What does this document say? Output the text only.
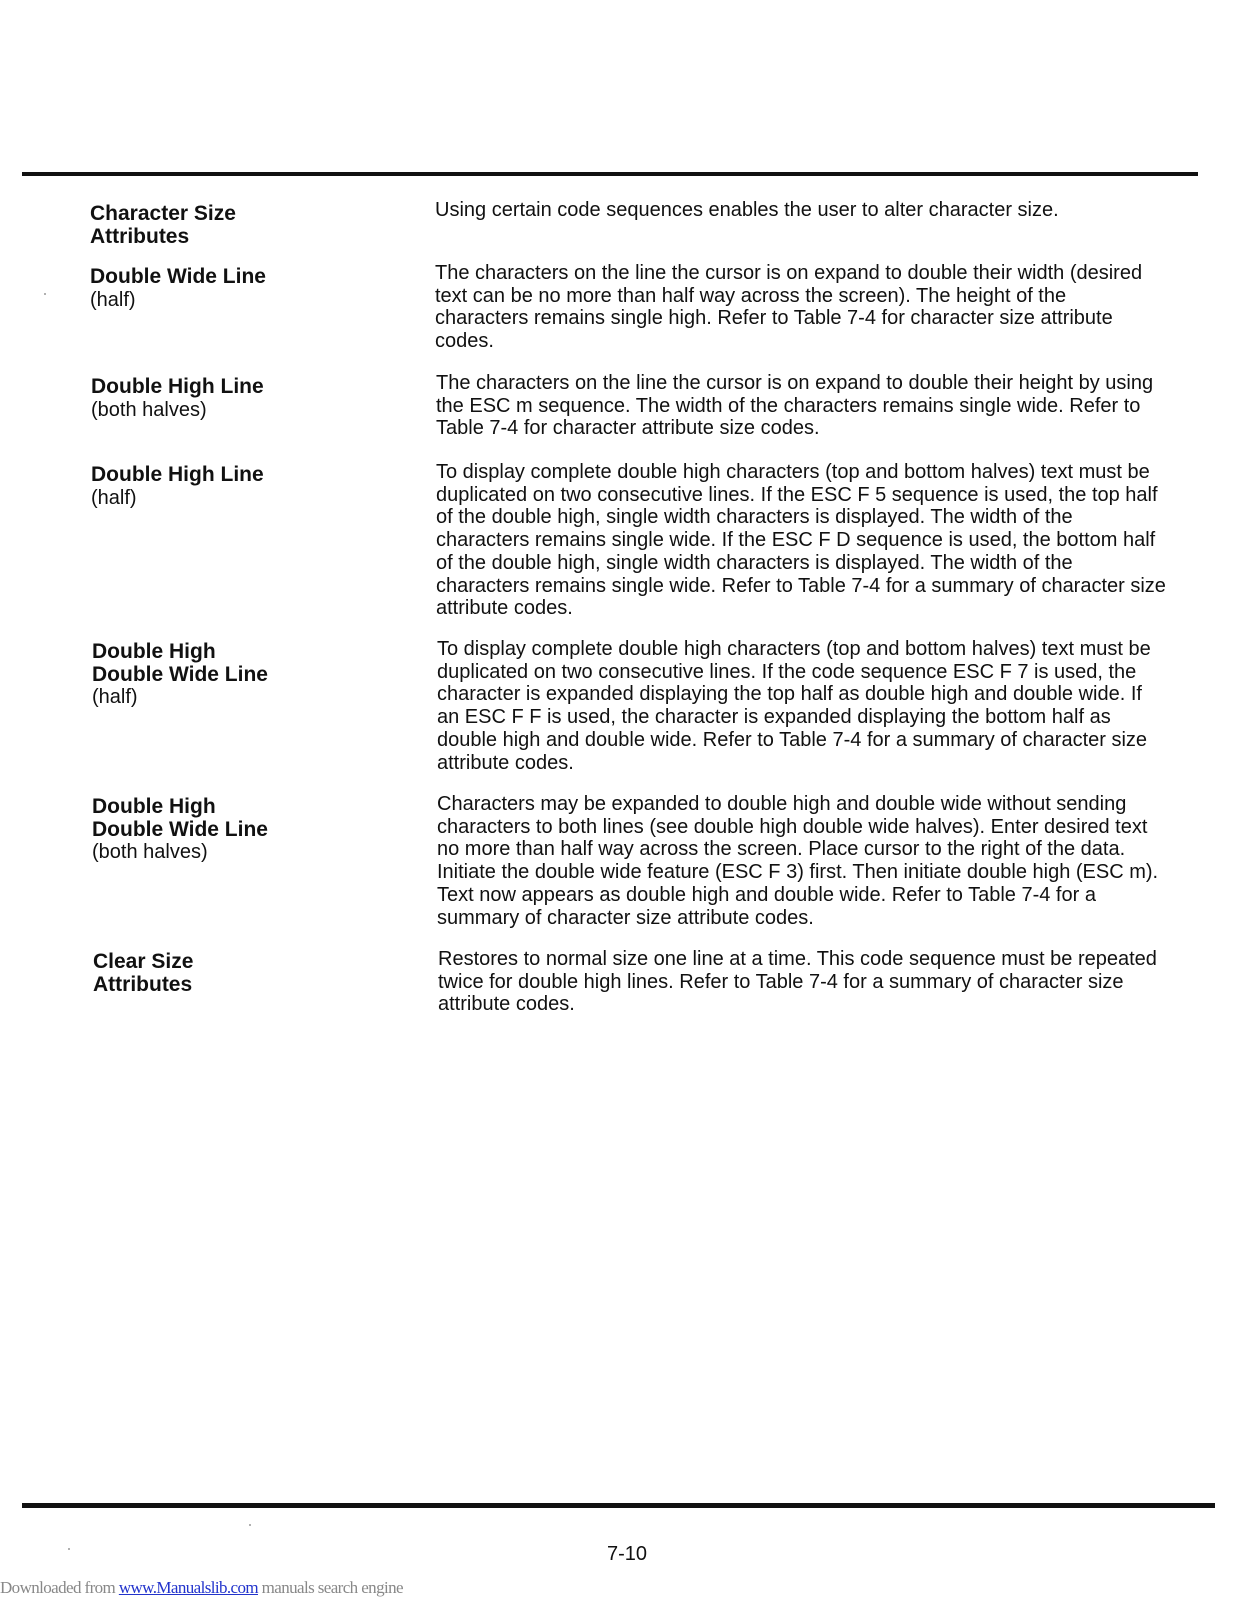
Character Size
Attributes

Using certain code sequences enables the user to alter character size.

Double Wide Line
(half)

The characters on the line the cursor is on expand to double their width (desired text can be no more than half way across the screen). The height of the characters remains single high. Refer to Table 7-4 for character size attribute codes.

Double High Line
(both halves)

The characters on the line the cursor is on expand to double their height by using the ESC m sequence. The width of the characters remains single wide. Refer to Table 7-4 for character attribute size codes.

Double High Line
(half)

To display complete double high characters (top and bottom halves) text must be duplicated on two consecutive lines. If the ESC F 5 sequence is used, the top half of the double high, single width characters is displayed. The width of the characters remains single wide. If the ESC F D sequence is used, the bottom half of the double high, single width characters is displayed. The width of the characters remains single wide. Refer to Table 7-4 for a summary of character size attribute codes.

Double High
Double Wide Line
(half)

To display complete double high characters (top and bottom halves) text must be duplicated on two consecutive lines. If the code sequence ESC F 7 is used, the character is expanded displaying the top half as double high and double wide. If an ESC F F is used, the character is expanded displaying the bottom half as double high and double wide. Refer to Table 7-4 for a summary of character size attribute codes.

Double High
Double Wide Line
(both halves)

Characters may be expanded to double high and double wide without sending characters to both lines (see double high double wide halves). Enter desired text no more than half way across the screen. Place cursor to the right of the data. Initiate the double wide feature (ESC F 3) first. Then initiate double high (ESC m). Text now appears as double high and double wide. Refer to Table 7-4 for a summary of character size attribute codes.

Clear Size
Attributes

Restores to normal size one line at a time. This code sequence must be repeated twice for double high lines. Refer to Table 7-4 for a summary of character size attribute codes.

7-10
Downloaded from www.Manualslib.com manuals search engine
